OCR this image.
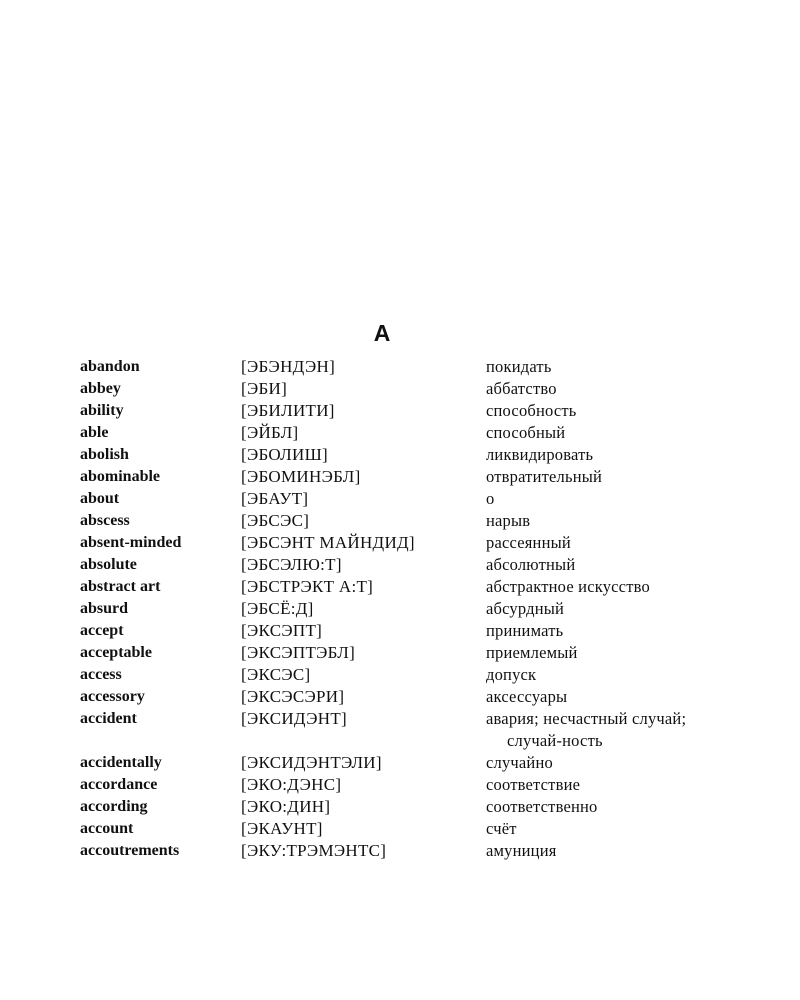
A
abandon	[ЭБЭНДЭН]	покидать
abbey	[ЭБИ]	аббатство
ability	[ЭБИЛИТИ]	способность
able	[ЭЙБЛ]	способный
abolish	[ЭБОЛИШ]	ликвидировать
abominable	[ЭБОМИНЭБЛ]	отвратительный
about	[ЭБАУТ]	о
abscess	[ЭБСЭС]	нарыв
absent-minded	[ЭБСЭНТ МАЙНДИД]	рассеянный
absolute	[ЭБСЭЛЮ:Т]	абсолютный
abstract art	[ЭБСТРЭКТ А:Т]	абстрактное искусство
absurd	[ЭБСЁ:Д]	абсурдный
accept	[ЭКСЭПТ]	принимать
acceptable	[ЭКСЭПТЭБЛ]	приемлемый
access	[ЭКСЭС]	допуск
accessory	[ЭКСЭСЭРИ]	аксессуары
accident	[ЭКСИДЭНТ]	авария; несчастный случай; случай-ность
accidentally	[ЭКСИДЭНТЭЛИ]	случайно
accordance	[ЭКО:ДЭНС]	соответствие
according	[ЭКО:ДИН]	соответственно
account	[ЭКАУНТ]	счёт
accoutrements	[ЭКУ:ТРЭМЭНТС]	амуниция
